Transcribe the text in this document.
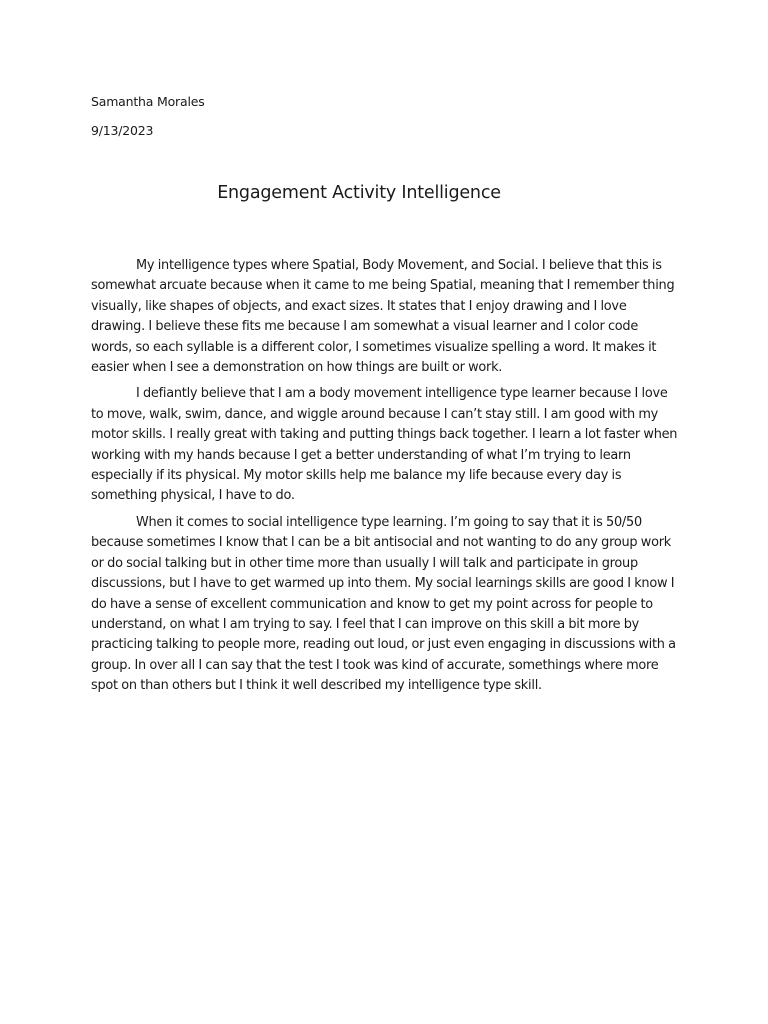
Samantha Morales
9/13/2023
Engagement Activity Intelligence

My intelligence types where Spatial, Body Movement, and Social. I believe that this is somewhat arcuate because when it came to me being Spatial, meaning that I remember thing visually, like shapes of objects, and exact sizes. It states that I enjoy drawing and I love drawing. I believe these fits me because I am somewhat a visual learner and I color code words, so each syllable is a different color, I sometimes visualize spelling a word. It makes it easier when I see a demonstration on how things are built or work.

I defiantly believe that I am a body movement intelligence type learner because I love to move, walk, swim, dance, and wiggle around because I can’t stay still. I am good with my motor skills. I really great with taking and putting things back together. I learn a lot faster when working with my hands because I get a better understanding of what I’m trying to learn especially if its physical. My motor skills help me balance my life because every day is something physical, I have to do.

When it comes to social intelligence type learning. I’m going to say that it is 50/50 because sometimes I know that I can be a bit antisocial and not wanting to do any group work or do social talking but in other time more than usually I will talk and participate in group discussions, but I have to get warmed up into them. My social learnings skills are good I know I do have a sense of excellent communication and know to get my point across for people to understand, on what I am trying to say. I feel that I can improve on this skill a bit more by practicing talking to people more, reading out loud, or just even engaging in discussions with a group. In over all I can say that the test I took was kind of accurate, somethings where more spot on than others but I think it well described my intelligence type skill.
